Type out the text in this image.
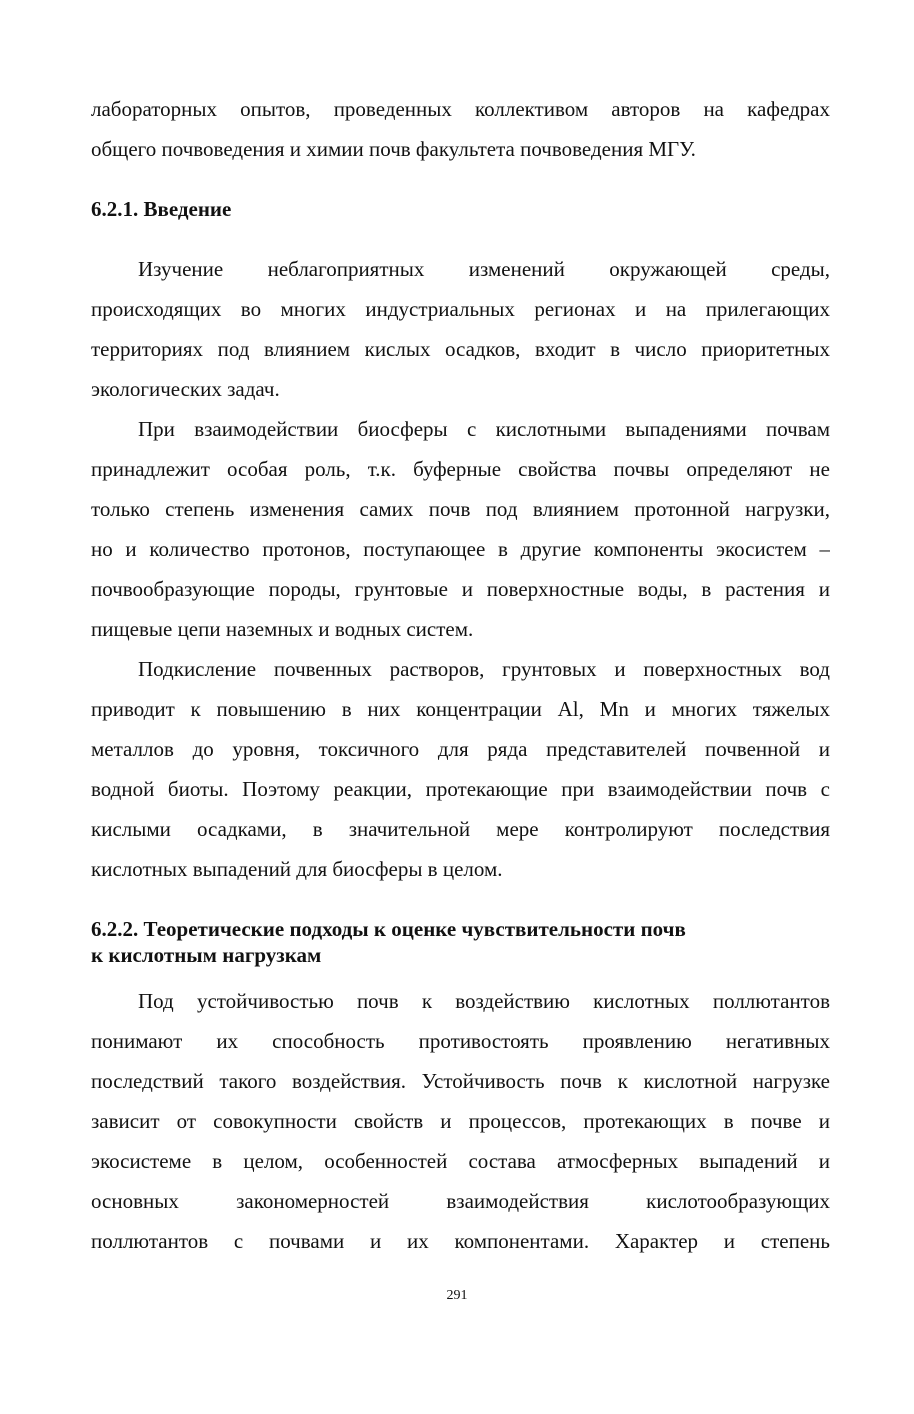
лабораторных опытов, проведенных коллективом авторов на кафедрах
общего почвоведения и химии почв факультета почвоведения МГУ.
6.2.1. Введение
Изучение неблагоприятных изменений окружающей среды,
происходящих во многих индустриальных регионах и на прилегающих
территориях под влиянием кислых осадков, входит в число приоритетных
экологических задач.
При взаимодействии биосферы с кислотными выпадениями почвам
принадлежит особая роль, т.к. буферные свойства почвы определяют не
только степень изменения самих почв под влиянием протонной нагрузки,
но и количество протонов, поступающее в другие компоненты экосистем –
почвообразующие породы, грунтовые и поверхностные воды, в растения и
пищевые цепи наземных и водных систем.
Подкисление почвенных растворов, грунтовых и поверхностных вод
приводит к повышению в них концентрации Al, Mn и многих тяжелых
металлов до уровня, токсичного для ряда представителей почвенной и
водной биоты. Поэтому реакции, протекающие при взаимодействии почв с
кислыми осадками, в значительной мере контролируют последствия
кислотных выпадений для биосферы в целом.
6.2.2. Теоретические подходы к оценке чувствительности почв
к кислотным нагрузкам
Под устойчивостью почв к воздействию кислотных поллютантов
понимают их способность противостоять проявлению негативных
последствий такого воздействия. Устойчивость почв к кислотной нагрузке
зависит от совокупности свойств и процессов, протекающих в почве и
экосистеме в целом, особенностей состава атмосферных выпадений и
основных закономерностей взаимодействия кислотообразующих
поллютантов с почвами и их компонентами. Характер и степень
291
